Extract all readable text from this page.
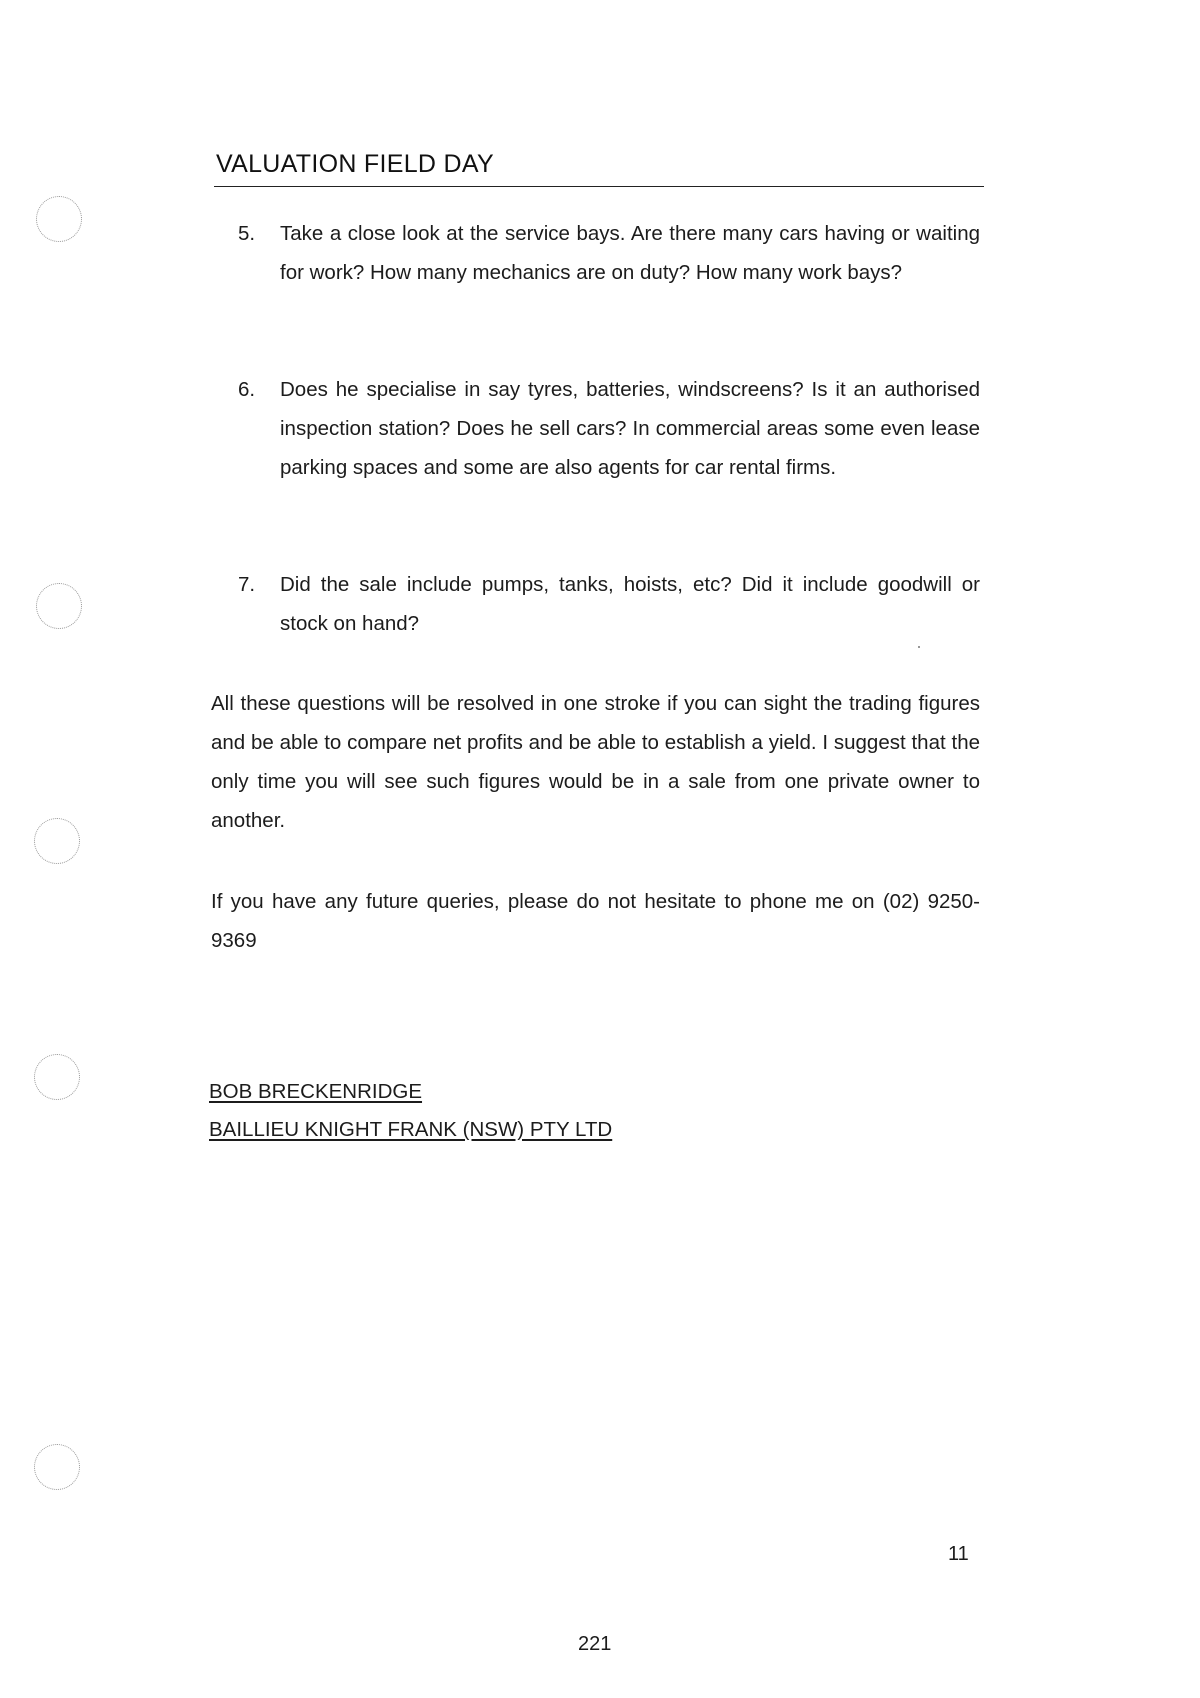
VALUATION FIELD DAY
5.	Take a close look at the service bays. Are there many cars having or waiting for work? How many mechanics are on duty? How many work bays?
6.	Does he specialise in say tyres, batteries, windscreens? Is it an authorised inspection station? Does he sell cars? In commercial areas some even lease parking spaces and some are also agents for car rental firms.
7.	Did the sale include pumps, tanks, hoists, etc? Did it include goodwill or stock on hand?
All these questions will be resolved in one stroke if you can sight the trading figures and be able to compare net profits and be able to establish a yield. I suggest that the only time you will see such figures would be in a sale from one private owner to another.
If you have any future queries, please do not hesitate to phone me on (02) 9250-9369
BOB BRECKENRIDGE
BAILLIEU KNIGHT FRANK (NSW) PTY LTD
11
221
